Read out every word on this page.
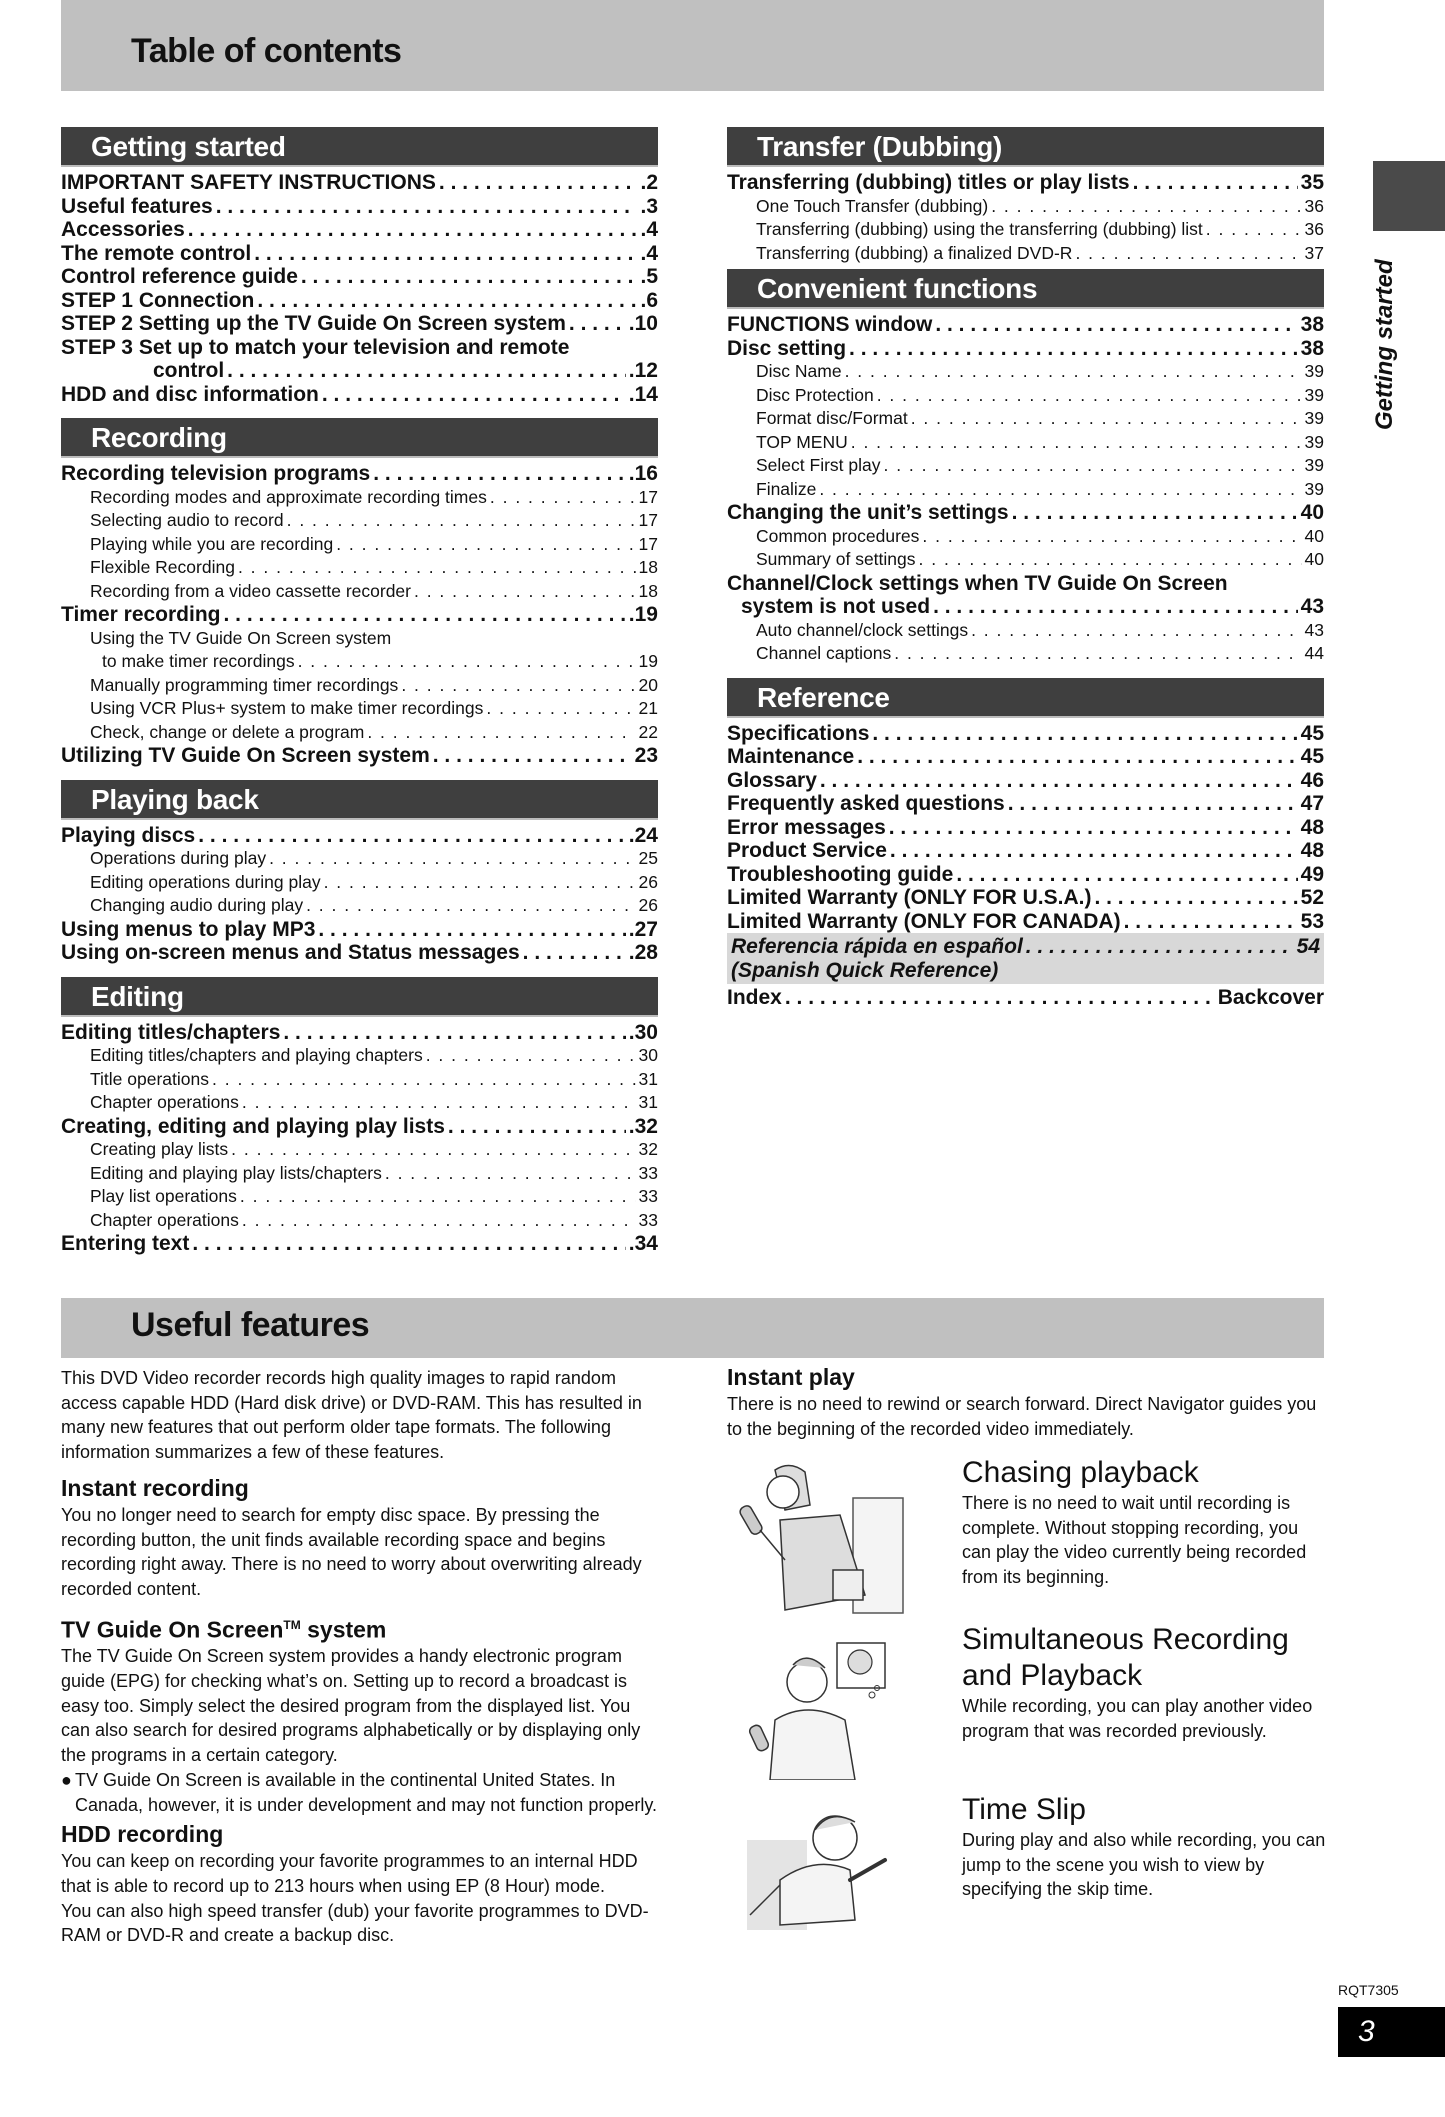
Table of contents
Getting started
IMPORTANT SAFETY INSTRUCTIONS . . .	.2
Useful features . . .	.3
Accessories . . .	.4
The remote control . . .	.4
Control reference guide . . .	.5
STEP 1 Connection . . .	.6
STEP 2 Setting up the TV Guide On Screen system . . .	.10
STEP 3 Set up to match your television and remote
control . . .	.12
HDD and disc information . . .	.14
Recording
Recording television programs . . .	.16
Recording modes and approximate recording times . . .	17
Selecting audio to record . . .	17
Playing while you are recording . . .	17
Flexible Recording . . .	18
Recording from a video cassette recorder . . .	18
Timer recording . . .	.19
Using the TV Guide On Screen system
to make timer recordings . . .	19
Manually programming timer recordings . . .	20
Using VCR Plus+ system to make timer recordings . . .	21
Check, change or delete a program . . .	22
Utilizing TV Guide On Screen system . . .	23
Playing back
Playing discs . . .	.24
Operations during play . . .	25
Editing operations during play . . .	26
Changing audio during play . . .	26
Using menus to play MP3 . . .	.27
Using on-screen menus and Status messages . . .	.28
Editing
Editing titles/chapters . . .	.30
Editing titles/chapters and playing chapters . . .	30
Title operations . . .	31
Chapter operations . . .	31
Creating, editing and playing play lists . . .	.32
Creating play lists . . .	32
Editing and playing play lists/chapters . . .	33
Play list operations . . .	33
Chapter operations . . .	33
Entering text . . .	.34
Transfer (Dubbing)
Transferring (dubbing) titles or play lists . . .	35
One Touch Transfer (dubbing) . . .	36
Transferring (dubbing) using the transferring (dubbing) list . . .	36
Transferring (dubbing) a finalized DVD-R . . .	37
Convenient functions
FUNCTIONS window . . .	38
Disc setting . . .	38
Disc Name . . .	39
Disc Protection . . .	39
Format disc/Format . . .	39
TOP MENU . . .	39
Select First play . . .	39
Finalize . . .	39
Changing the unit’s settings . . .	40
Common procedures . . .	40
Summary of settings . . .	40
Channel/Clock settings when TV Guide On Screen
system is not used . . .	43
Auto channel/clock settings . . .	43
Channel captions . . .	44
Reference
Specifications . . .	45
Maintenance . . .	45
Glossary . . .	46
Frequently asked questions . . .	47
Error messages . . .	48
Product Service . . .	48
Troubleshooting guide . . .	49
Limited Warranty (ONLY FOR U.S.A.) . . .	52
Limited Warranty (ONLY FOR CANADA) . . .	53
Referencia rápida en español . . .	54
(Spanish Quick Reference)
Index . . .	Backcover
Getting started
Useful features

This DVD Video recorder records high quality images to rapid random access capable HDD (Hard disk drive) or DVD-RAM. This has resulted in many new features that out perform older tape formats. The following information summarizes a few of these features.

Instant recording

You no longer need to search for empty disc space. By pressing the recording button, the unit finds available recording space and begins recording right away. There is no need to worry about overwriting already recorded content.

TV Guide On Screen™ system

The TV Guide On Screen system provides a handy electronic program guide (EPG) for checking what’s on. Setting up to record a broadcast is easy too. Simply select the desired program from the displayed list. You can also search for desired programs alphabetically or by displaying only the programs in a certain category.

● TV Guide On Screen is available in the continental United States. In Canada, however, it is under development and may not function properly.
HDD recording

You can keep on recording your favorite programmes to an internal HDD that is able to record up to 213 hours when using EP (8 Hour) mode.

You can also high speed transfer (dub) your favorite programmes to DVD-RAM or DVD-R and create a backup disc.

Instant play

There is no need to rewind or search forward. Direct Navigator guides you to the beginning of the recorded video immediately.

Chasing playback

There is no need to wait until recording is complete. Without stopping recording, you can play the video currently being recorded from its beginning.

Simultaneous Recording and Playback

While recording, you can play another video program that was recorded previously.

Time Slip

During play and also while recording, you can jump to the scene you wish to view by specifying the skip time.

RQT7305
3
